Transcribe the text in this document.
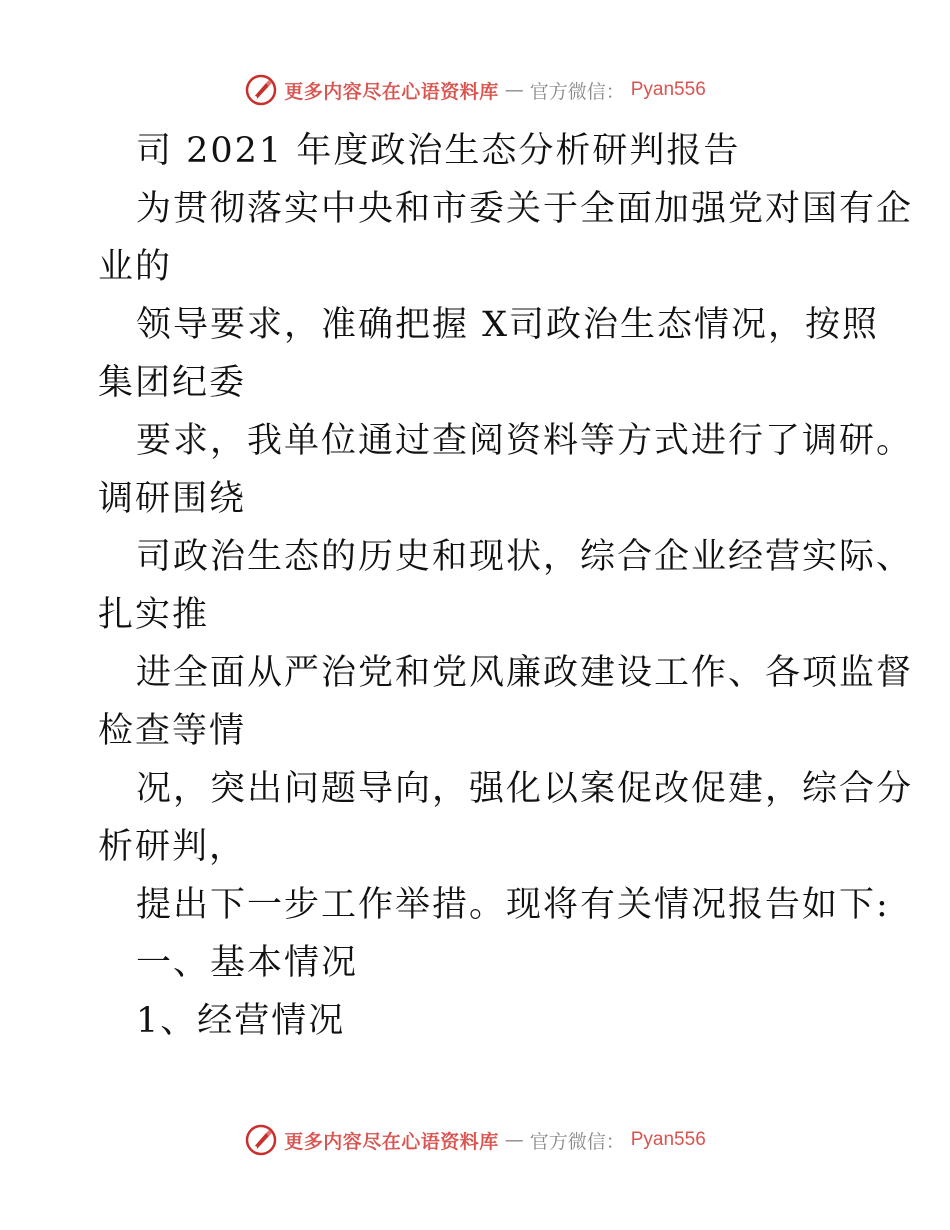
更多内容尽在心语资料库 — 官方微信： Pyan556
司 2021 年度政治生态分析研判报告
为贯彻落实中央和市委关于全面加强党对国有企
业的
领导要求，准确把握 X司政治生态情况，按照
集团纪委
要求，我单位通过查阅资料等方式进行了调研。
调研围绕
司政治生态的历史和现状，综合企业经营实际、
扎实推
进全面从严治党和党风廉政建设工作、各项监督
检查等情
况，突出问题导向，强化以案促改促建，综合分
析研判，
提出下一步工作举措。现将有关情况报告如下:
一、基本情况
1、经营情况
更多内容尽在心语资料库 — 官方微信： Pyan556
